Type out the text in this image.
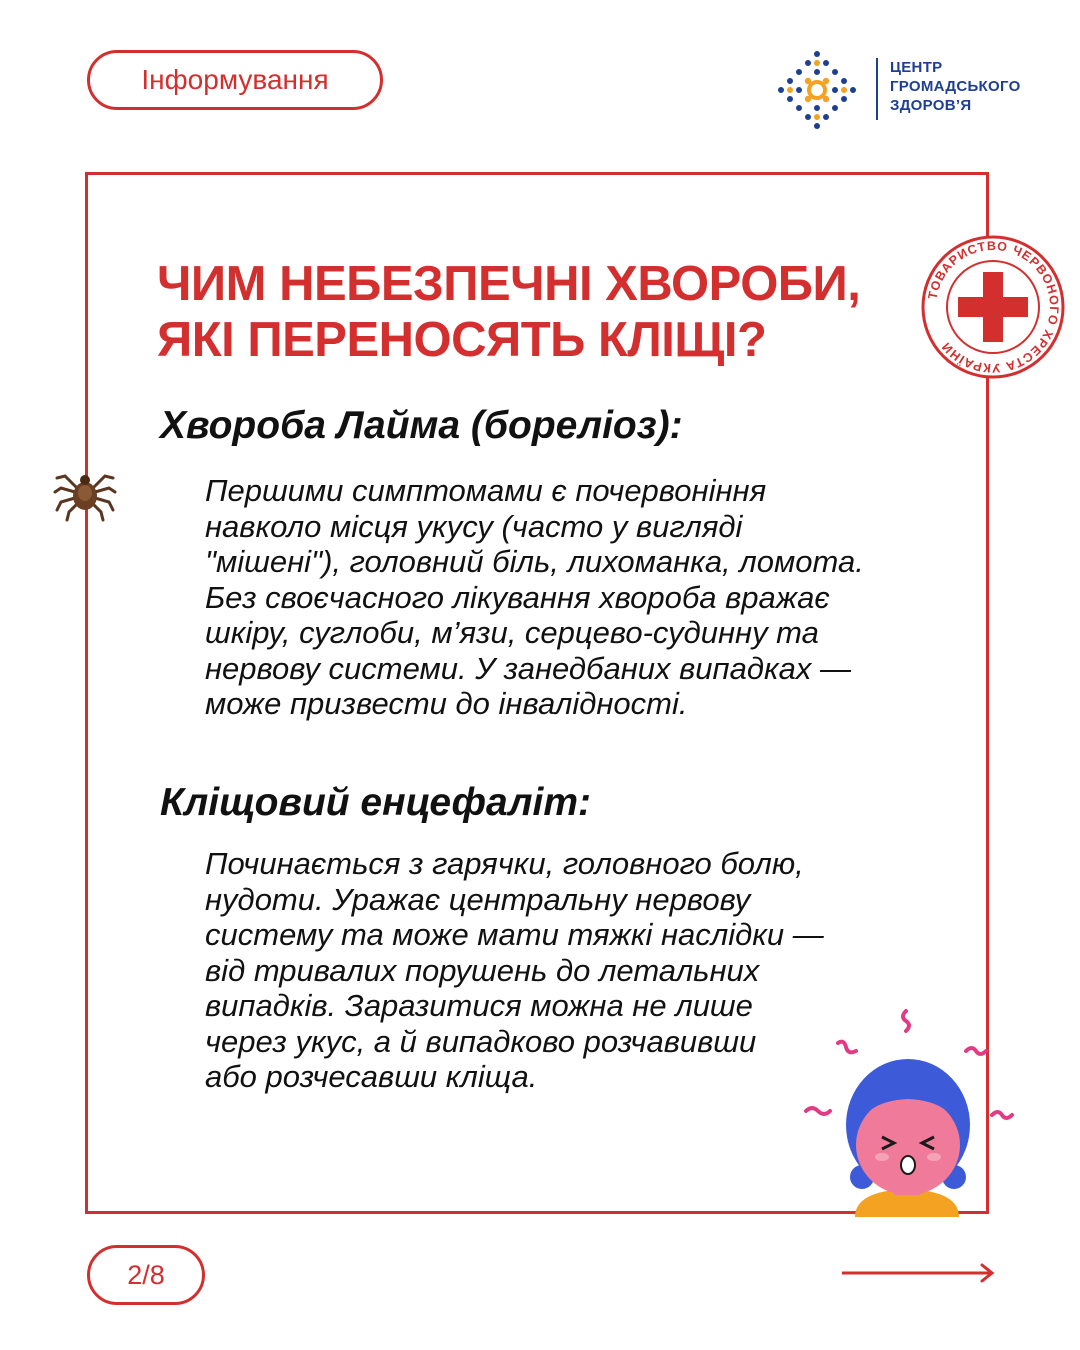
Інформування	ЦЕНТР
ГРОМАДСЬКОГО
ЗДОРОВ’Я
ТОВАРИСТВО ЧЕРВОНОГО ХРЕСТА УКРАЇНИ
ЧИМ НЕБЕЗПЕЧНІ ХВОРОБИ,
ЯКІ ПЕРЕНОСЯТЬ КЛІЩІ?
Хвороба Лайма (бореліоз):

Першими симптомами є почервоніння
навколо місця укусу (часто у вигляді
"мішені"), головний біль, лихоманка, ломота.
Без своєчасного лікування хвороба вражає
шкіру, суглоби, м’язи, серцево-судинну та
нервову системи. У занедбаних випадках —
може призвести до інвалідності.

Кліщовий енцефаліт:

Починається з гарячки, головного болю,
нудоти. Уражає центральну нервову
систему та може мати тяжкі наслідки —
від тривалих порушень до летальних
випадків. Заразитися можна не лише
через укус, а й випадково розчавивши
або розчесавши кліща.

2/8
